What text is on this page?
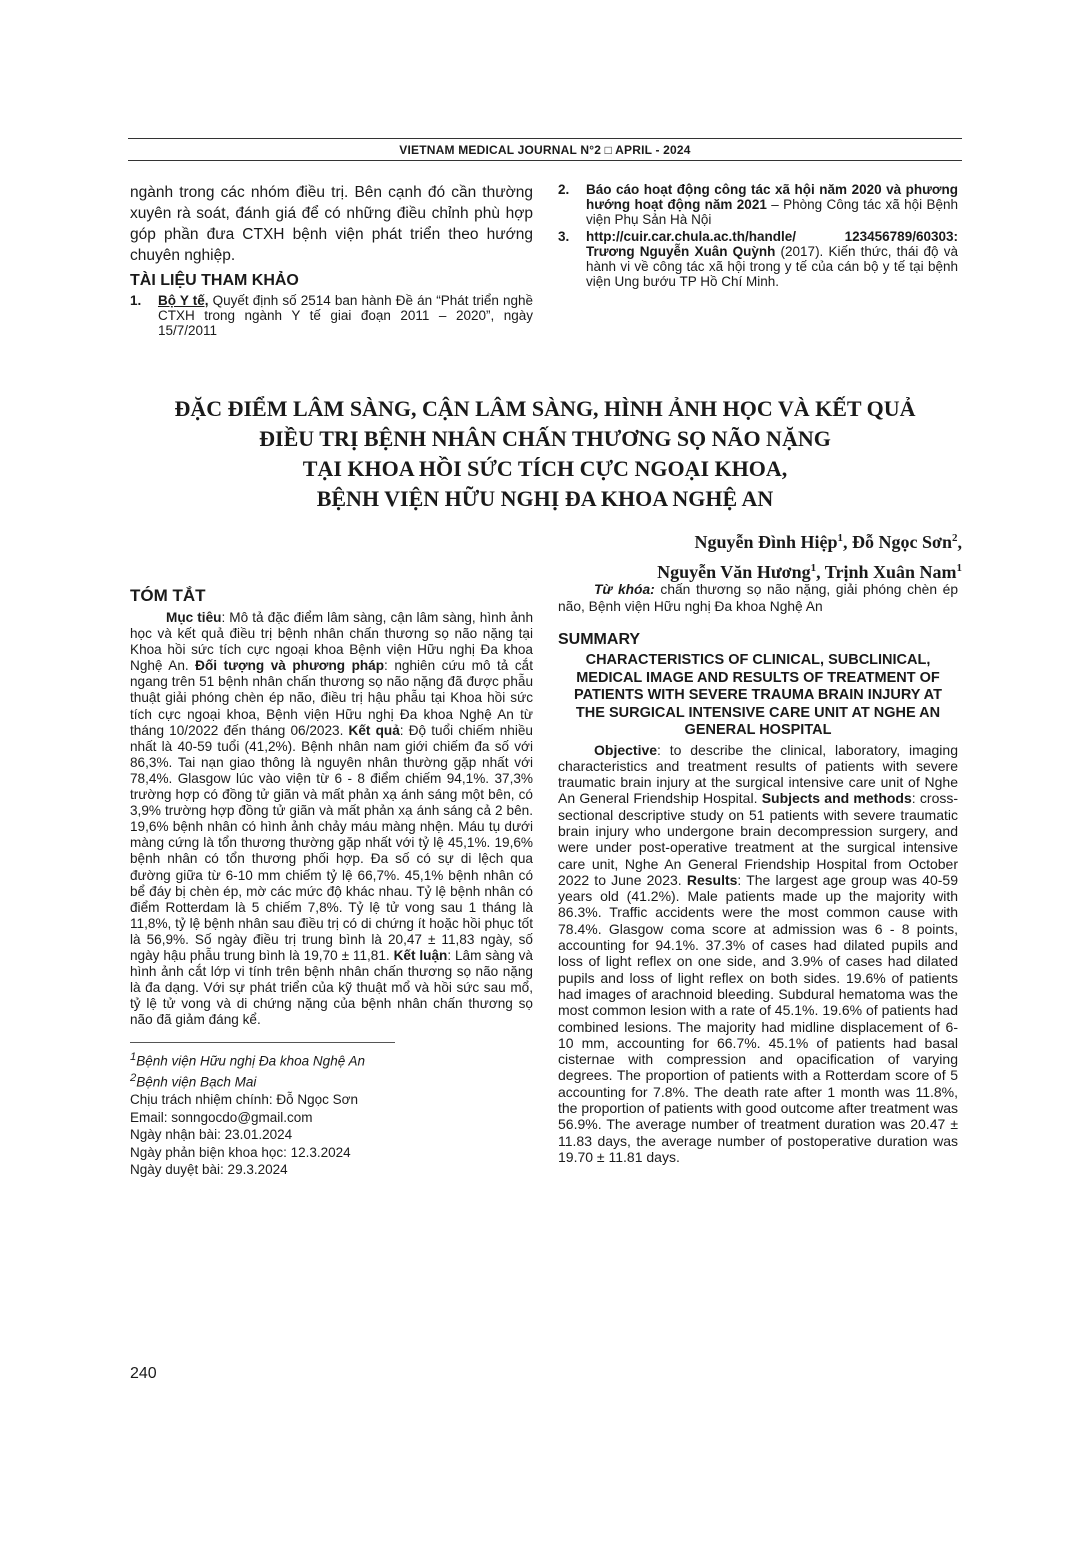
VIETNAM MEDICAL JOURNAL N°2 □ APRIL - 2024

ngành trong các nhóm điều trị. Bên cạnh đó cần thường xuyên rà soát, đánh giá để có những điều chỉnh phù hợp góp phần đưa CTXH bệnh viện phát triển theo hướng chuyên nghiệp.

TÀI LIỆU THAM KHẢO
1.	Bộ Y tế, Quyết định số 2514 ban hành Đề án “Phát triển nghề CTXH trong ngành Y tế giai đoạn 2011 – 2020”, ngày 15/7/2011
2.	Báo cáo hoạt động công tác xã hội năm 2020 và phương hướng hoạt động năm 2021 – Phòng Công tác xã hội Bệnh viện Phụ Sản Hà Nội
3.	http://cuir.car.chula.ac.th/handle/ 123456789/60303: Trương Nguyễn Xuân Quỳnh (2017). Kiến thức, thái độ và hành vi về công tác xã hội trong y tế của cán bộ y tế tại bệnh viện Ung bướu TP Hồ Chí Minh.
ĐẶC ĐIỂM LÂM SÀNG, CẬN LÂM SÀNG, HÌNH ẢNH HỌC VÀ KẾT QUẢ
ĐIỀU TRỊ BỆNH NHÂN CHẤN THƯƠNG SỌ NÃO NẶNG
TẠI KHOA HỒI SỨC TÍCH CỰC NGOẠI KHOA,
BỆNH VIỆN HỮU NGHỊ ĐA KHOA NGHỆ AN
Nguyễn Đình Hiệp$^1$, Đỗ Ngọc Sơn$^2$,
Nguyễn Văn Hương$^1$, Trịnh Xuân Nam$^1$
TÓM TẮT

Mục tiêu: Mô tả đặc điểm lâm sàng, cận lâm sàng, hình ảnh học và kết quả điều trị bệnh nhân chấn thương sọ não nặng tại Khoa hồi sức tích cực ngoại khoa Bệnh viện Hữu nghị Đa khoa Nghệ An. Đối tượng và phương pháp: nghiên cứu mô tả cắt ngang trên 51 bệnh nhân chấn thương sọ não nặng đã được phẫu thuật giải phóng chèn ép não, điều trị hậu phẫu tại Khoa hồi sức tích cực ngoại khoa, Bệnh viện Hữu nghị Đa khoa Nghệ An từ tháng 10/2022 đến tháng 06/2023. Kết quả: Độ tuổi chiếm nhiều nhất là 40-59 tuổi (41,2%). Bệnh nhân nam giới chiếm đa số với 86,3%. Tai nạn giao thông là nguyên nhân thường gặp nhất với 78,4%. Glasgow lúc vào viện từ 6 - 8 điểm chiếm 94,1%. 37,3% trường hợp có đồng tử giãn và mất phản xạ ánh sáng một bên, có 3,9% trường hợp đồng tử giãn và mất phản xạ ánh sáng cả 2 bên. 19,6% bệnh nhân có hình ảnh chảy máu màng nhện. Máu tụ dưới màng cứng là tổn thương thường gặp nhất với tỷ lệ 45,1%. 19,6% bệnh nhân có tổn thương phối hợp. Đa số có sự di lệch qua đường giữa từ 6-10 mm chiếm tỷ lệ 66,7%. 45,1% bệnh nhân có bể đáy bị chèn ép, mờ các mức độ khác nhau. Tỷ lệ bệnh nhân có điểm Rotterdam là 5 chiếm 7,8%. Tỷ lệ tử vong sau 1 tháng là 11,8%, tỷ lệ bệnh nhân sau điều trị có di chứng ít hoặc hồi phục tốt là 56,9%. Số ngày điều trị trung bình là 20,47 ± 11,83 ngày, số ngày hậu phẫu trung bình là 19,70 ± 11,81. Kết luận: Lâm sàng và hình ảnh cắt lớp vi tính trên bệnh nhân chấn thương sọ não nặng là đa dạng. Với sự phát triển của kỹ thuật mổ và hồi sức sau mổ, tỷ lệ tử vong và di chứng nặng của bệnh nhân chấn thương sọ não đã giảm đáng kể.

$^1$Bệnh viện Hữu nghị Đa khoa Nghệ An
$^2$Bệnh viện Bạch Mai
Chịu trách nhiệm chính: Đỗ Ngọc Sơn
Email: sonngocdo@gmail.com
Ngày nhận bài: 23.01.2024
Ngày phản biện khoa học: 12.3.2024
Ngày duyệt bài: 29.3.2024

Từ khóa: chấn thương sọ não nặng, giải phóng chèn ép não, Bệnh viện Hữu nghị Đa khoa Nghệ An

SUMMARY
CHARACTERISTICS OF CLINICAL, SUBCLINICAL, MEDICAL IMAGE AND RESULTS OF TREATMENT OF PATIENTS WITH SEVERE TRAUMA BRAIN INJURY AT THE SURGICAL INTENSIVE CARE UNIT AT NGHE AN GENERAL HOSPITAL

Objective: to describe the clinical, laboratory, imaging characteristics and treatment results of patients with severe traumatic brain injury at the surgical intensive care unit of Nghe An General Friendship Hospital. Subjects and methods: cross-sectional descriptive study on 51 patients with severe traumatic brain injury who undergone brain decompression surgery, and were under post-operative treatment at the surgical intensive care unit, Nghe An General Friendship Hospital from October 2022 to June 2023. Results: The largest age group was 40-59 years old (41.2%). Male patients made up the majority with 86.3%. Traffic accidents were the most common cause with 78.4%. Glasgow coma score at admission was 6 - 8 points, accounting for 94.1%. 37.3% of cases had dilated pupils and loss of light reflex on one side, and 3.9% of cases had dilated pupils and loss of light reflex on both sides. 19.6% of patients had images of arachnoid bleeding. Subdural hematoma was the most common lesion with a rate of 45.1%. 19.6% of patients had combined lesions. The majority had midline displacement of 6-10 mm, accounting for 66.7%. 45.1% of patients had basal cisternae with compression and opacification of varying degrees. The proportion of patients with a Rotterdam score of 5 accounting for 7.8%. The death rate after 1 month was 11.8%, the proportion of patients with good outcome after treatment was 56.9%. The average number of treatment duration was 20.47 ± 11.83 days, the average number of postoperative duration was 19.70 ± 11.81 days.

240
